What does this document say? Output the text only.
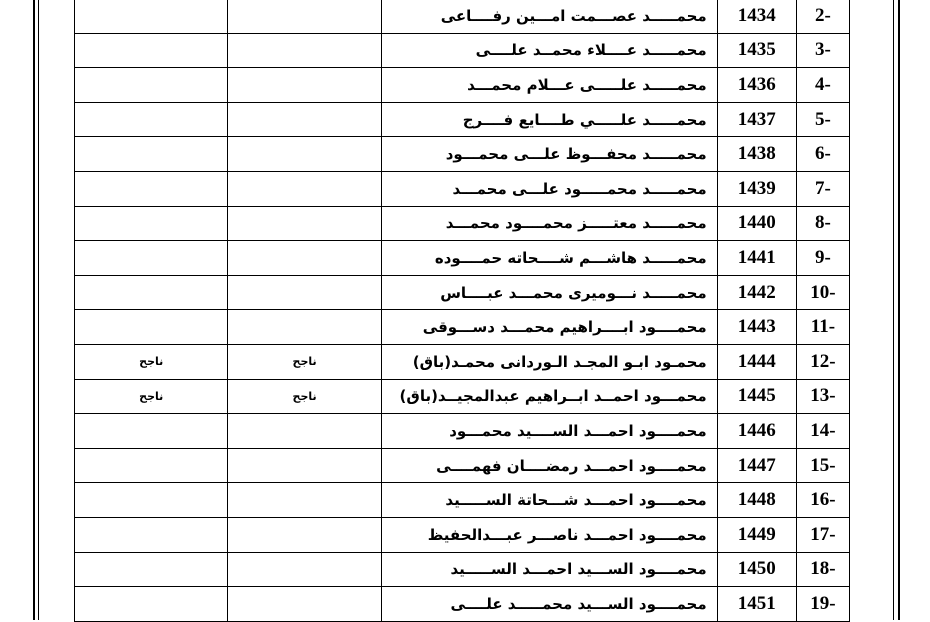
-2	1434	محمـــــد عصـــمت امـــين رفــــاعى		
-3	1435	محمـــــد عــــلاء محمــد علــــى		
-4	1436	محمـــــد علـــــى عـــلام محمـــد		
-5	1437	محمـــــد علـــــي طــــايع فــــرج		
-6	1438	محمـــــد محفـــوظ علـــى محمـــود		
-7	1439	محمـــــد محمـــــود علـــى محمـــد		
-8	1440	محمـــــد معتـــــز محمــــود محمـــد		
-9	1441	محمـــــد هاشـــم شــــحاته حمــــوده		
-10	1442	محمـــــد نـــوميرى محمـــد عبــــاس		
-11	1443	محمــــود ابــــراهيم محمـــد دســـوقى		
-12	1444	محمـود ابـو المجـد الـوردانى محمـد(باق)	ناجح	ناجح
-13	1445	محمـــود احمــد ابــراهيم عبدالمجيــد(باق)	ناجح	ناجح
-14	1446	محمــــود احمـــد الســــيد محمـــود		
-15	1447	محمــــود احمـــد رمضــــان فهمــــى		
-16	1448	محمــــود احمـــد شـــحاتة الســـــيد		
-17	1449	محمــــود احمـــد ناصـــر عبـــدالحفيظ		
-18	1450	محمــــود الســـيد احمـــد الســـــيد		
-19	1451	محمــــود الســـيد محمـــــد علــــى		
